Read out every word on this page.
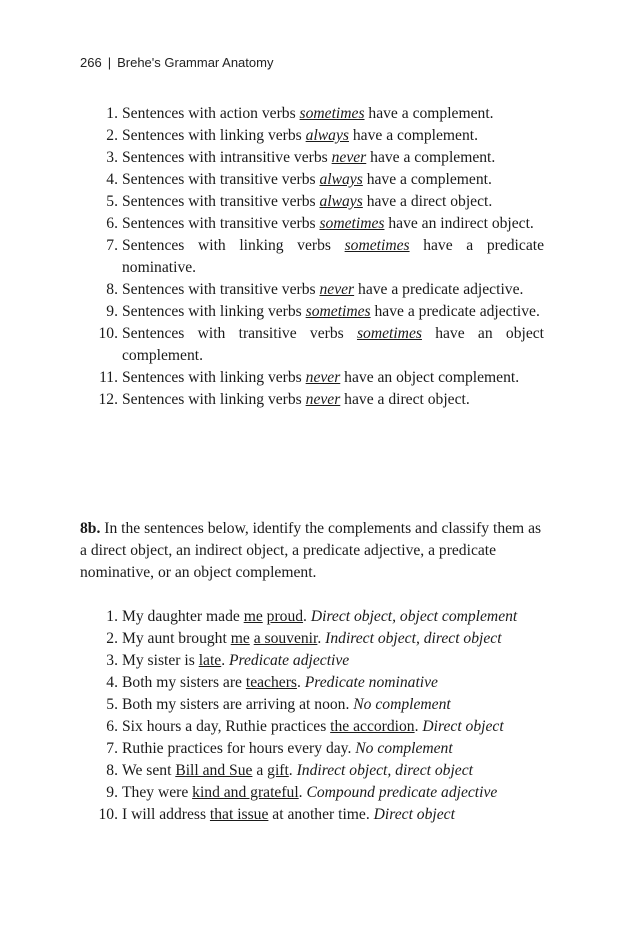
266 | Brehe's Grammar Anatomy
1. Sentences with action verbs sometimes have a complement.
2. Sentences with linking verbs always have a complement.
3. Sentences with intransitive verbs never have a complement.
4. Sentences with transitive verbs always have a complement.
5. Sentences with transitive verbs always have a direct object.
6. Sentences with transitive verbs sometimes have an indirect object.
7. Sentences with linking verbs sometimes have a predicate nominative.
8. Sentences with transitive verbs never have a predicate adjective.
9. Sentences with linking verbs sometimes have a predicate adjective.
10. Sentences with transitive verbs sometimes have an object complement.
11. Sentences with linking verbs never have an object complement.
12. Sentences with linking verbs never have a direct object.

8b. In the sentences below, identify the complements and classify them as a direct object, an indirect object, a predicate adjective, a predicate nominative, or an object complement.

1. My daughter made me proud. Direct object, object complement
2. My aunt brought me a souvenir. Indirect object, direct object
3. My sister is late. Predicate adjective
4. Both my sisters are teachers. Predicate nominative
5. Both my sisters are arriving at noon. No complement
6. Six hours a day, Ruthie practices the accordion. Direct object
7. Ruthie practices for hours every day. No complement
8. We sent Bill and Sue a gift. Indirect object, direct object
9. They were kind and grateful. Compound predicate adjective
10. I will address that issue at another time. Direct object
